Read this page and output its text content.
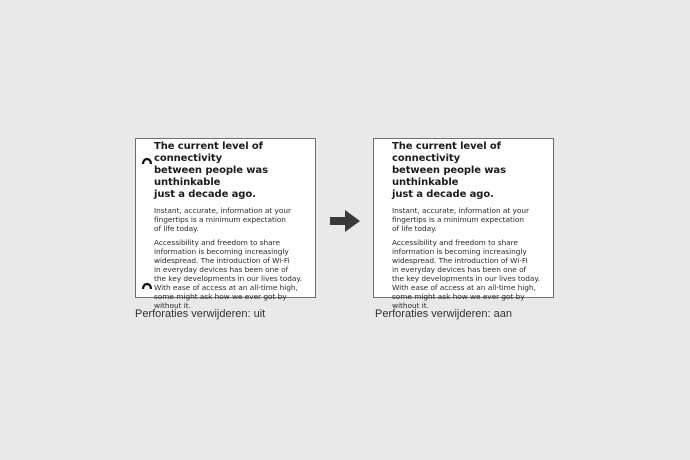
The current level of connectivity
between people was unthinkable
just a decade ago.
Instant, accurate, information at your
fingertips is a minimum expectation
of life today.
Accessibility and freedom to share
information is becoming increasingly
widespread. The introduction of Wi-Fi
in everyday devices has been one of
the key developments in our lives today.
With ease of access at an all-time high,
some might ask how we ever got by
without it.
The current level of connectivity
between people was unthinkable
just a decade ago.
Instant, accurate, information at your
fingertips is a minimum expectation
of life today.
Accessibility and freedom to share
information is becoming increasingly
widespread. The introduction of Wi-Fi
in everyday devices has been one of
the key developments in our lives today.
With ease of access at an all-time high,
some might ask how we ever got by
without it.
Perforaties verwijderen: uit	Perforaties verwijderen: aan
